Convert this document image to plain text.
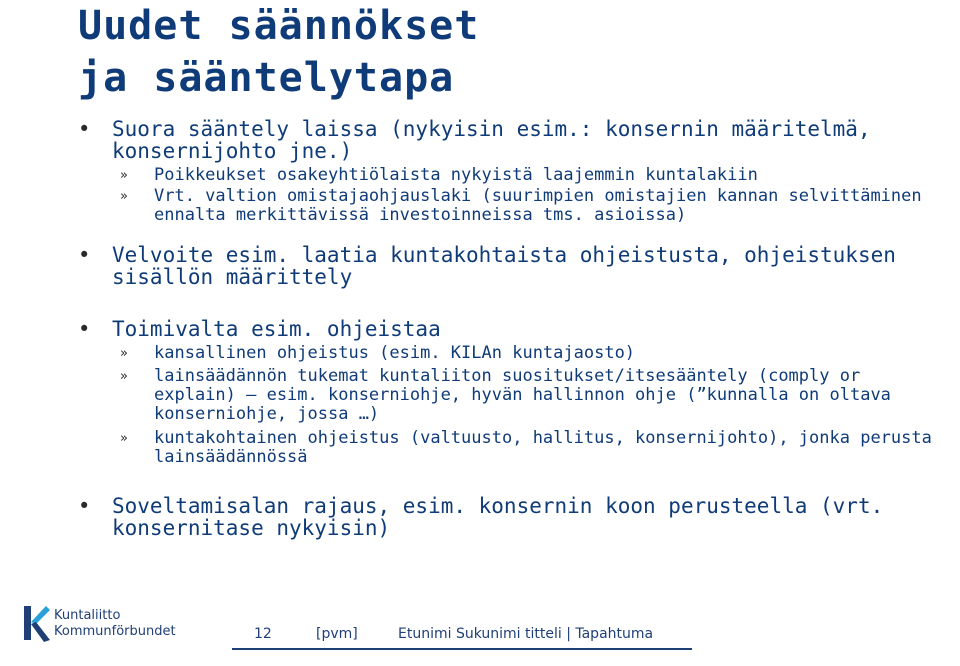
Uudet säännökset
ja sääntelytapa
• Suora sääntely laissa (nykyisin esim.: konsernin määritelmä, konsernijohto jne.)
» Poikkeukset osakeyhtiölaista nykyistä laajemmin kuntalakiin
» Vrt. valtion omistajaohjauslaki (suurimpien omistajien kannan selvittäminen ennalta merkittävissä investoinneissa tms. asioissa)
• Velvoite esim. laatia kuntakohtaista ohjeistusta, ohjeistuksen sisällön määrittely
• Toimivalta esim. ohjeistaa
» kansallinen ohjeistus (esim. KILAn kuntajaosto)
» lainsäädännön tukemat kuntaliiton suositukset/itsesääntely (comply or explain) – esim. konserniohje, hyvän hallinnon ohje (”kunnalla on oltava konserniohje, jossa …)
» kuntakohtainen ohjeistus (valtuusto, hallitus, konsernijohto), jonka perusta lainsäädännössä
• Soveltamisalan rajaus, esim. konsernin koon perusteella (vrt. konsernitase nykyisin)
Kuntaliitto
Kommunförbundet	12	[pvm]	Etunimi Sukunimi titteli | Tapahtuma
